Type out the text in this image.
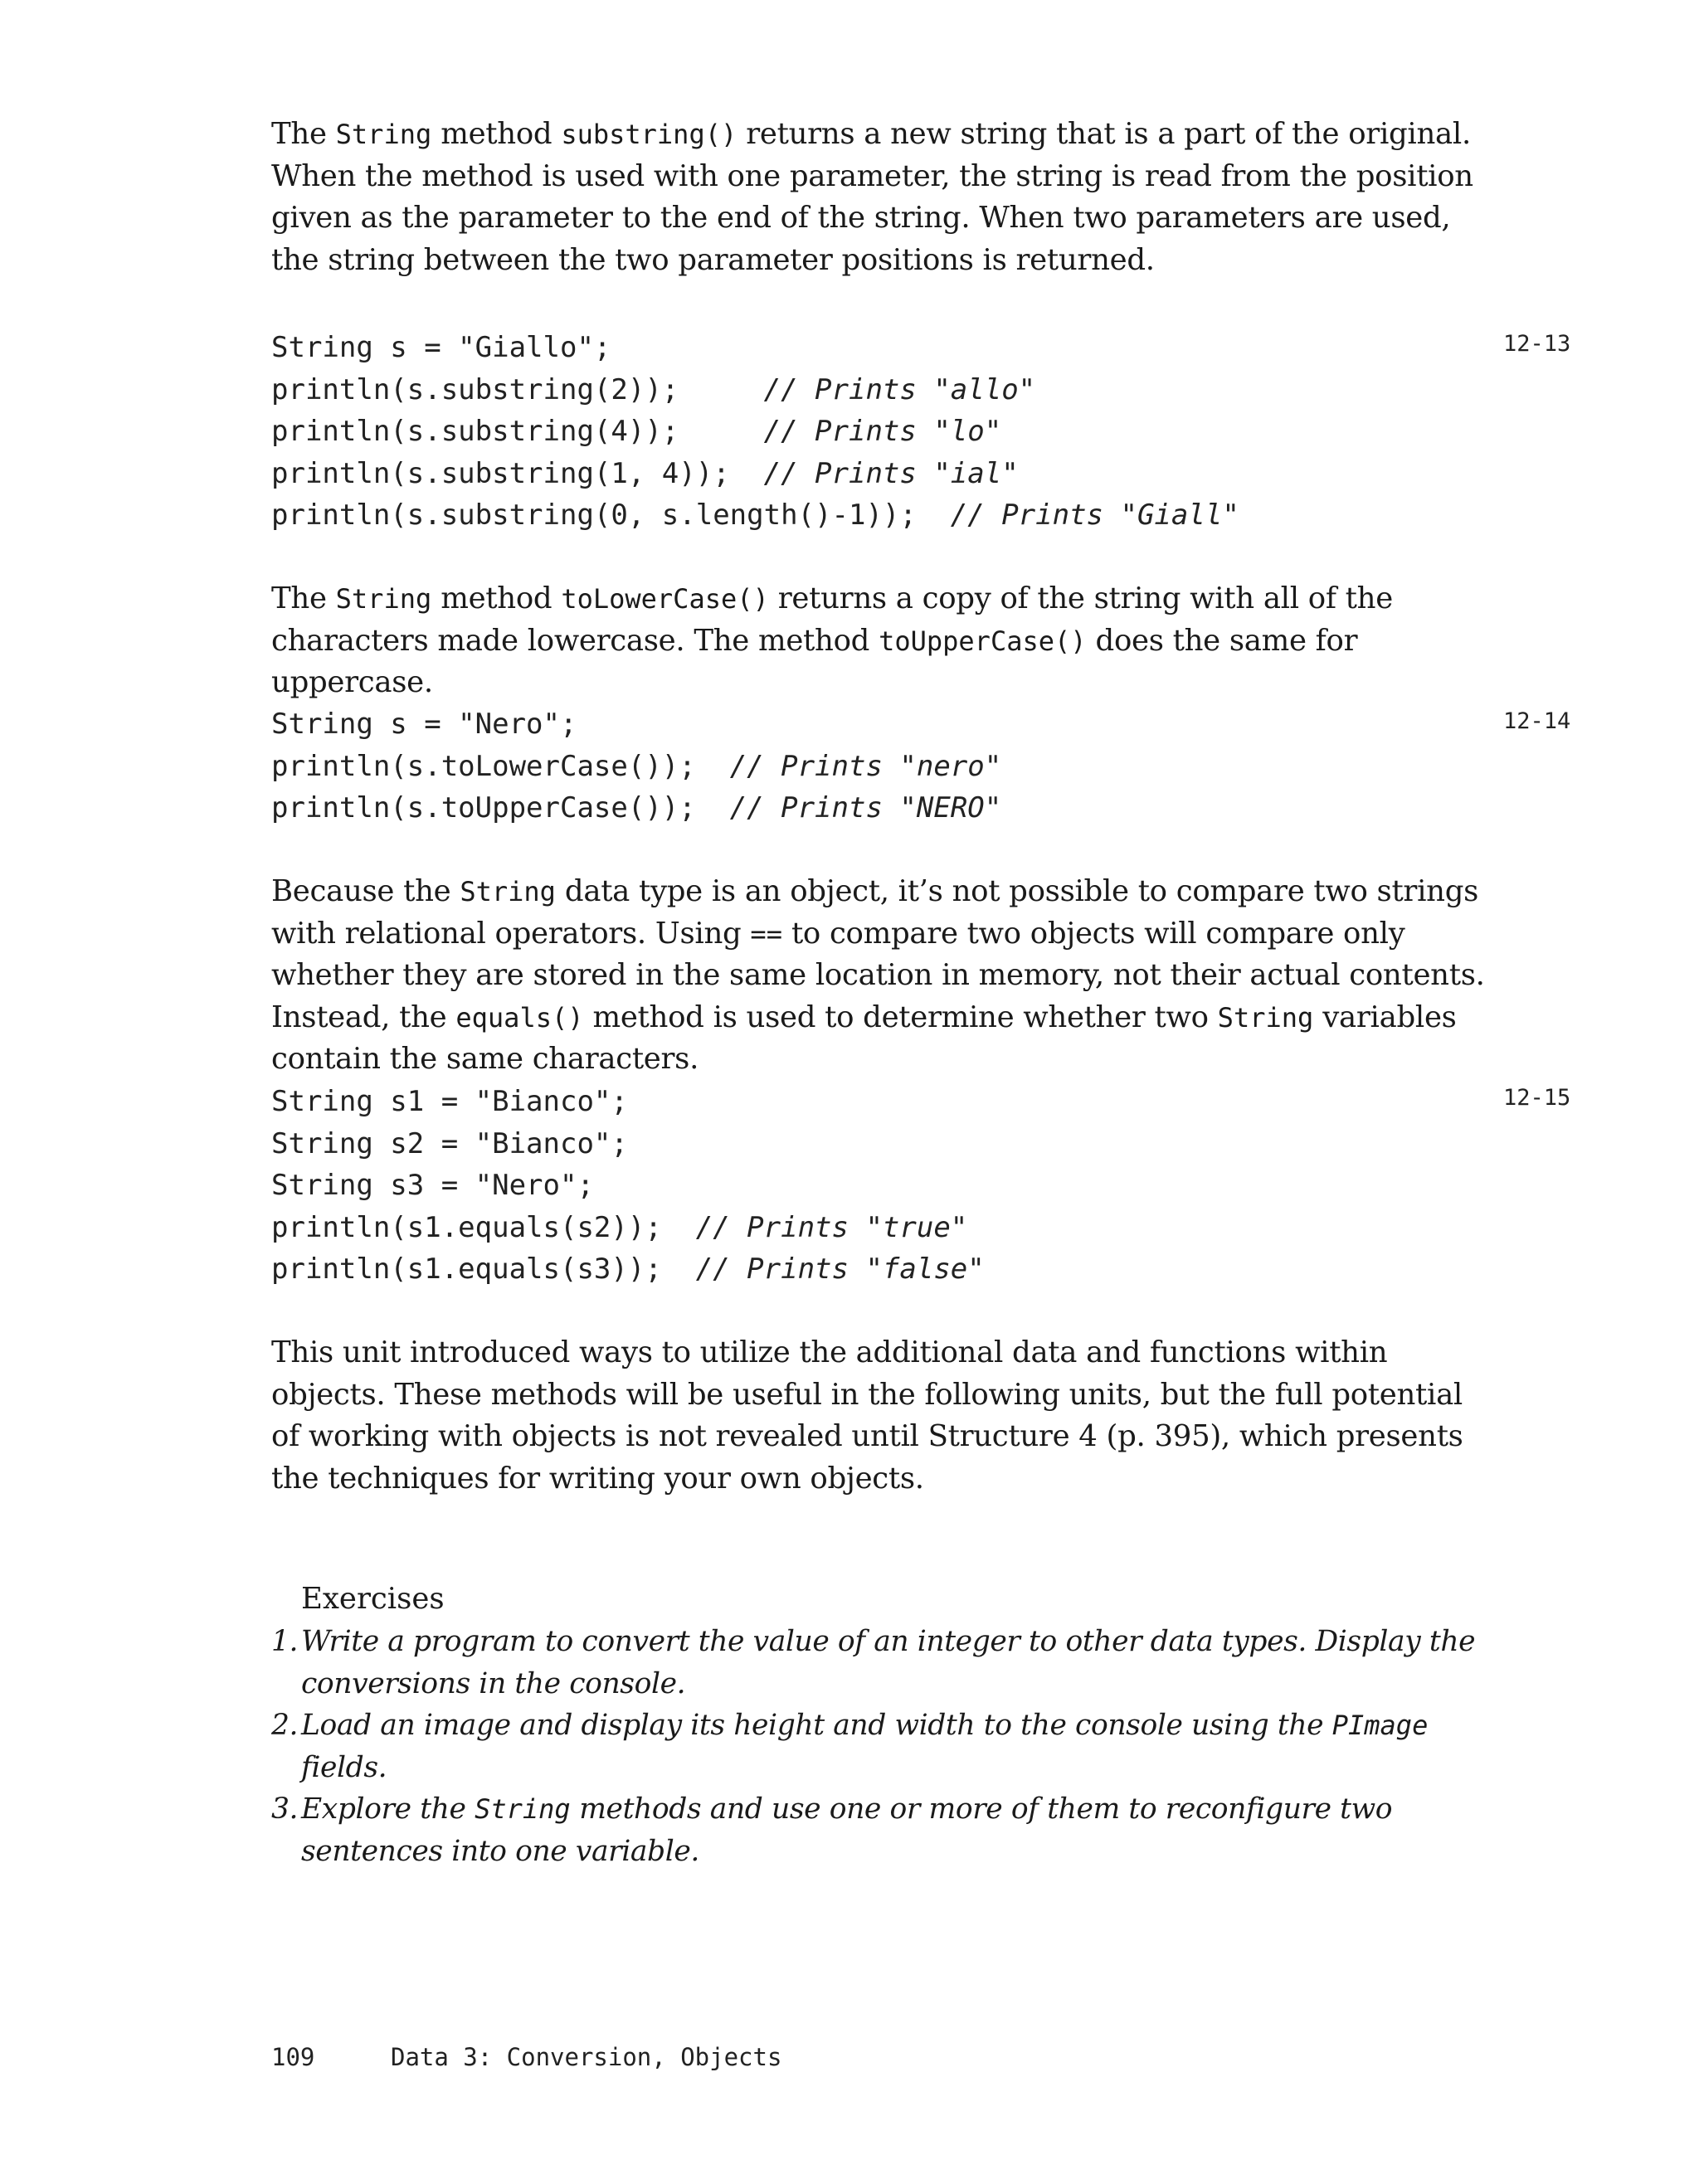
The String method substring() returns a new string that is a part of the original. When the method is used with one parameter, the string is read from the position given as the parameter to the end of the string. When two parameters are used, the string between the two parameter positions is returned.

String s = "Giallo";
println(s.substring(2));     // Prints "allo"
println(s.substring(4));     // Prints "lo"
println(s.substring(1, 4));  // Prints "ial"
println(s.substring(0, s.length()-1));  // Prints "Giall"
12-13

The String method toLowerCase() returns a copy of the string with all of the characters made lowercase. The method toUpperCase() does the same for uppercase.

String s = "Nero";
println(s.toLowerCase());  // Prints "nero"
println(s.toUpperCase());  // Prints "NERO"
12-14

Because the String data type is an object, it’s not possible to compare two strings with relational operators. Using == to compare two objects will compare only whether they are stored in the same location in memory, not their actual contents. Instead, the equals() method is used to determine whether two String variables contain the same characters.

String s1 = "Bianco";
String s2 = "Bianco";
String s3 = "Nero";
println(s1.equals(s2));  // Prints "true"
println(s1.equals(s3));  // Prints "false"
12-15

This unit introduced ways to utilize the additional data and functions within objects. These methods will be useful in the following units, but the full potential of working with objects is not revealed until Structure 4 (p. 395), which presents the techniques for writing your own objects.

Exercises

1. Write a program to convert the value of an integer to other data types. Display the conversions in the console.
2. Load an image and display its height and width to the console using the PImage fields.
3. Explore the String methods and use one or more of them to reconfigure two sentences into one variable.
109	Data 3: Conversion, Objects
